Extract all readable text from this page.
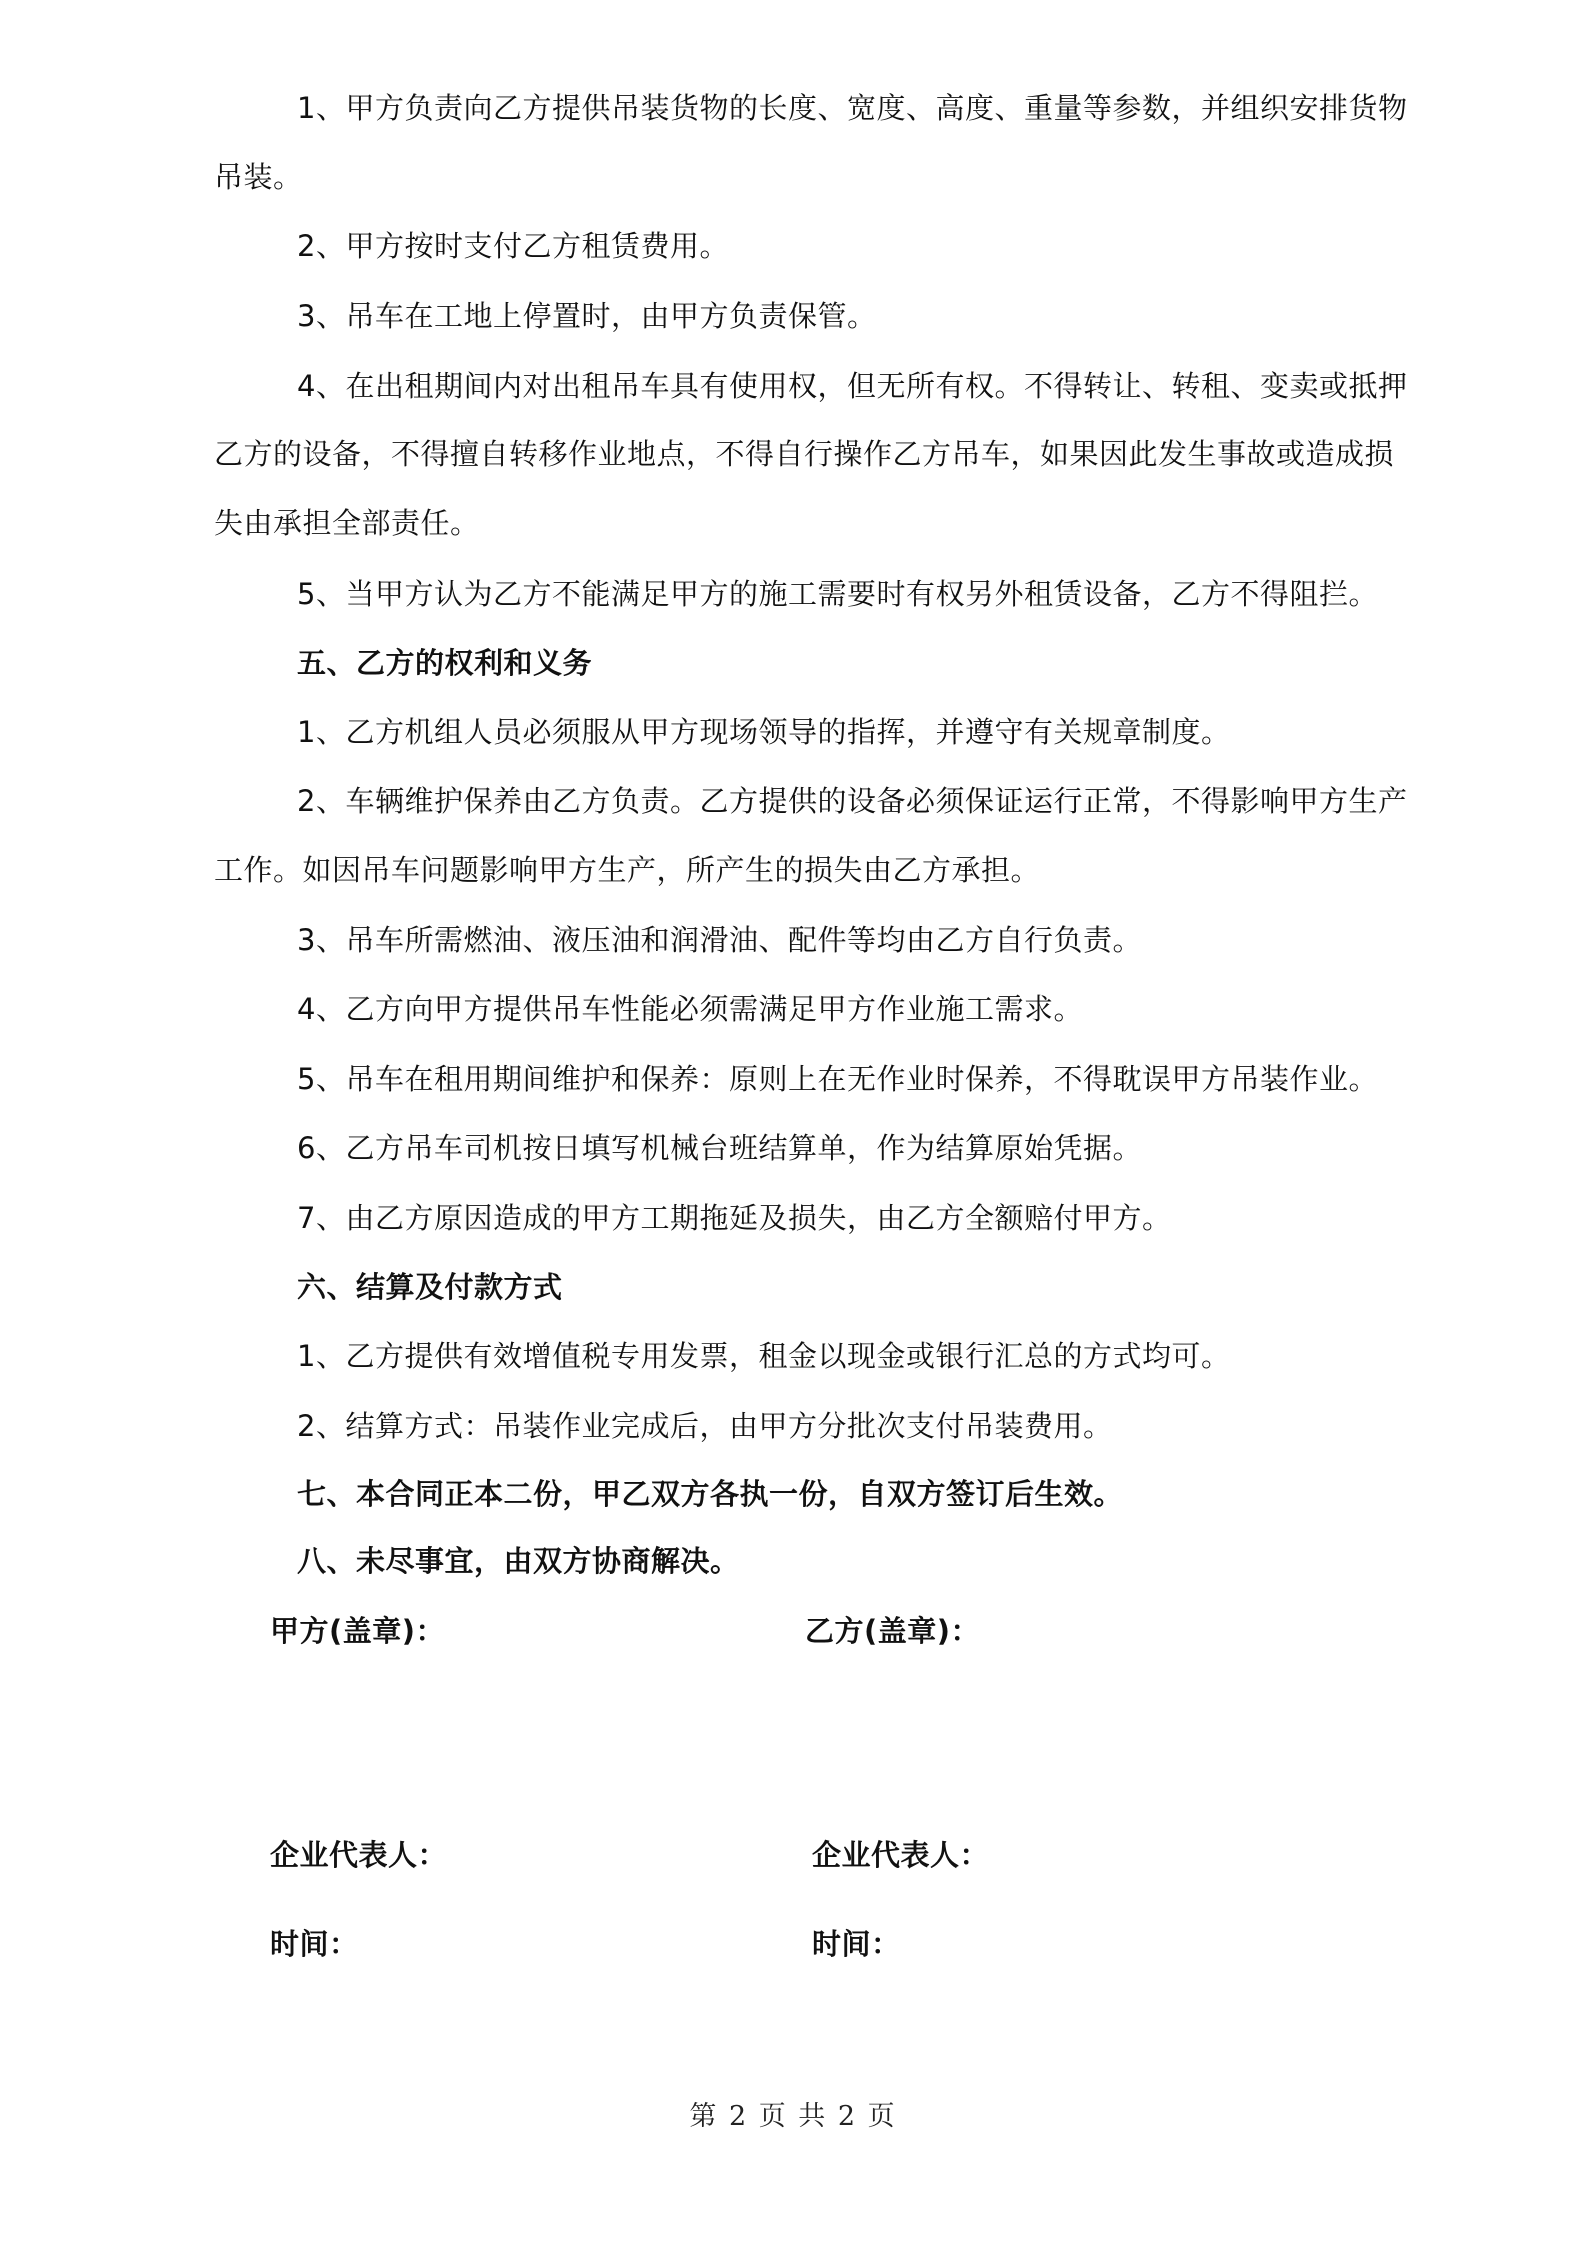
1、甲方负责向乙方提供吊装货物的长度、宽度、高度、重量等参数，并组织安排货物
吊装。
2、甲方按时支付乙方租赁费用。
3、吊车在工地上停置时，由甲方负责保管。
4、在出租期间内对出租吊车具有使用权，但无所有权。不得转让、转租、变卖或抵押
乙方的设备，不得擅自转移作业地点，不得自行操作乙方吊车，如果因此发生事故或造成损
失由承担全部责任。
5、当甲方认为乙方不能满足甲方的施工需要时有权另外租赁设备，乙方不得阻拦。
五、乙方的权利和义务
1、乙方机组人员必须服从甲方现场领导的指挥，并遵守有关规章制度。
2、车辆维护保养由乙方负责。乙方提供的设备必须保证运行正常，不得影响甲方生产
工作。如因吊车问题影响甲方生产，所产生的损失由乙方承担。
3、吊车所需燃油、液压油和润滑油、配件等均由乙方自行负责。
4、乙方向甲方提供吊车性能必须需满足甲方作业施工需求。
5、吊车在租用期间维护和保养：原则上在无作业时保养，不得耽误甲方吊装作业。
6、乙方吊车司机按日填写机械台班结算单，作为结算原始凭据。
7、由乙方原因造成的甲方工期拖延及损失，由乙方全额赔付甲方。
六、结算及付款方式
1、乙方提供有效增值税专用发票，租金以现金或银行汇总的方式均可。
2、结算方式：吊装作业完成后，由甲方分批次支付吊装费用。
七、本合同正本二份，甲乙双方各执一份，自双方签订后生效。
八、未尽事宜，由双方协商解决。
甲方(盖章)：	乙方(盖章)：
企业代表人：	企业代表人：
时间：	时间：
第 2 页 共 2 页
